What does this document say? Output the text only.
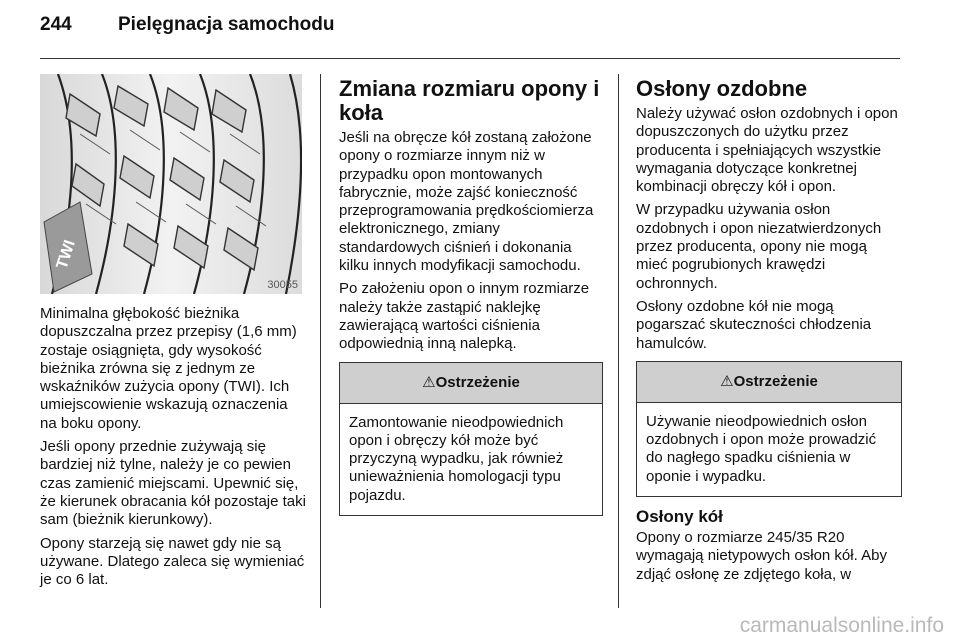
244 Pielęgnacja samochodu
TWI
30055

Minimalna głębokość bieżnika dopuszczalna przez przepisy (1,6 mm) zostaje osiągnięta, gdy wysokość bieżnika zrówna się z jednym ze wskaźników zużycia opony (TWI). Ich umiejscowienie wskazują oznaczenia na boku opony.

Jeśli opony przednie zużywają się bardziej niż tylne, należy je co pewien czas zamienić miejscami. Upewnić się, że kierunek obracania kół pozostaje taki sam (bieżnik kierunkowy).

Opony starzeją się nawet gdy nie są używane. Dlatego zaleca się wymieniać je co 6 lat.

Zmiana rozmiaru opony i koła

Jeśli na obręcze kół zostaną założone opony o rozmiarze innym niż w przypadku opon montowanych fabrycznie, może zajść konieczność przeprogramowania prędkościomierza elektronicznego, zmiany standardowych ciśnień i dokonania kilku innych modyfikacji samochodu.

Po założeniu opon o innym rozmiarze należy także zastąpić naklejkę zawierającą wartości ciśnienia odpowiednią inną nalepką.

⚠Ostrzeżenie
Zamontowanie nieodpowiednich opon i obręczy kół może być przyczyną wypadku, jak również unieważnienia homologacji typu pojazdu.
Osłony ozdobne

Należy używać osłon ozdobnych i opon dopuszczonych do użytku przez producenta i spełniających wszystkie wymagania dotyczące konkretnej kombinacji obręczy kół i opon.

W przypadku używania osłon ozdobnych i opon niezatwierdzonych przez producenta, opony nie mogą mieć pogrubionych krawędzi ochronnych.

Osłony ozdobne kół nie mogą pogarszać skuteczności chłodzenia hamulców.

⚠Ostrzeżenie
Używanie nieodpowiednich osłon ozdobnych i opon może prowadzić do nagłego spadku ciśnienia w oponie i wypadku.
Osłony kół

Opony o rozmiarze 245/35 R20 wymagają nietypowych osłon kół. Aby zdjąć osłonę ze zdjętego koła, w

carmanualsonline.info
